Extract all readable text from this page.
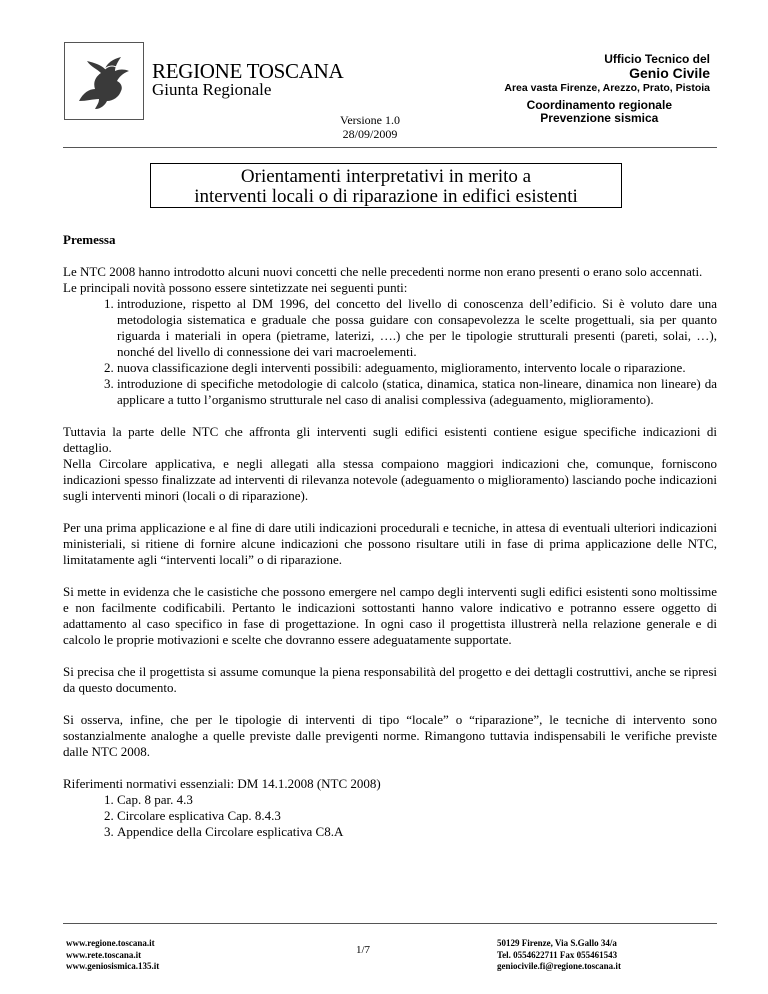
REGIONE TOSCANA
Giunta Regionale
Versione 1.0
28/09/2009
Ufficio Tecnico del
Genio Civile
Area vasta Firenze, Arezzo, Prato, Pistoia
Coordinamento regionale
Prevenzione sismica
Orientamenti interpretativi in merito a
interventi locali o di riparazione in edifici esistenti

Premessa

Le NTC 2008 hanno introdotto alcuni nuovi concetti che nelle precedenti norme non erano presenti o erano solo accennati.

Le principali novità possono essere sintetizzate nei seguenti punti:

1. introduzione, rispetto al DM 1996, del concetto del livello di conoscenza dell’edificio. Si è voluto dare una metodologia sistematica e graduale che possa guidare con consapevolezza le scelte progettuali, sia per quanto riguarda i materiali in opera (pietrame, laterizi, ….) che per le tipologie strutturali presenti (pareti, solai, …), nonché del livello di connessione dei vari macroelementi.
2. nuova classificazione degli interventi possibili: adeguamento, miglioramento, intervento locale o riparazione.
3. introduzione di specifiche metodologie di calcolo (statica, dinamica, statica non-lineare, dinamica non lineare) da applicare a tutto l’organismo strutturale nel caso di analisi complessiva (adeguamento, miglioramento).

Tuttavia la parte delle NTC che affronta gli interventi sugli edifici esistenti contiene esigue specifiche indicazioni di dettaglio.

Nella Circolare applicativa, e negli allegati alla stessa compaiono maggiori indicazioni che, comunque, forniscono indicazioni spesso finalizzate ad interventi di rilevanza notevole (adeguamento o miglioramento) lasciando poche indicazioni sugli interventi minori (locali o di riparazione).

Per una prima applicazione e al fine di dare utili indicazioni procedurali e tecniche, in attesa di eventuali ulteriori indicazioni ministeriali, si ritiene di fornire alcune indicazioni che possono risultare utili in fase di prima applicazione delle NTC, limitatamente agli “interventi locali” o di riparazione.

Si mette in evidenza che le casistiche che possono emergere nel campo degli interventi sugli edifici esistenti sono moltissime e non facilmente codificabili. Pertanto le indicazioni sottostanti hanno valore indicativo e potranno essere oggetto di adattamento al caso specifico in fase di progettazione. In ogni caso il progettista illustrerà nella relazione generale e di calcolo le proprie motivazioni e scelte che dovranno essere adeguatamente supportate.

Si precisa che il progettista si assume comunque la piena responsabilità del progetto e dei dettagli costruttivi, anche se ripresi da questo documento.

Si osserva, infine, che per le tipologie di interventi di tipo “locale” o “riparazione”, le tecniche di intervento sono sostanzialmente analoghe a quelle previste dalle previgenti norme. Rimangono tuttavia indispensabili le verifiche previste dalle NTC 2008.

Riferimenti normativi essenziali: DM 14.1.2008 (NTC 2008)

1. Cap. 8 par. 4.3
2. Circolare esplicativa Cap. 8.4.3
3. Appendice della Circolare esplicativa C8.A
www.regione.toscana.it
www.rete.toscana.it
www.geniosismica.135.it
1/7
50129 Firenze, Via S.Gallo 34/a
Tel. 0554622711 Fax 055461543
geniocivile.fi@regione.toscana.it
